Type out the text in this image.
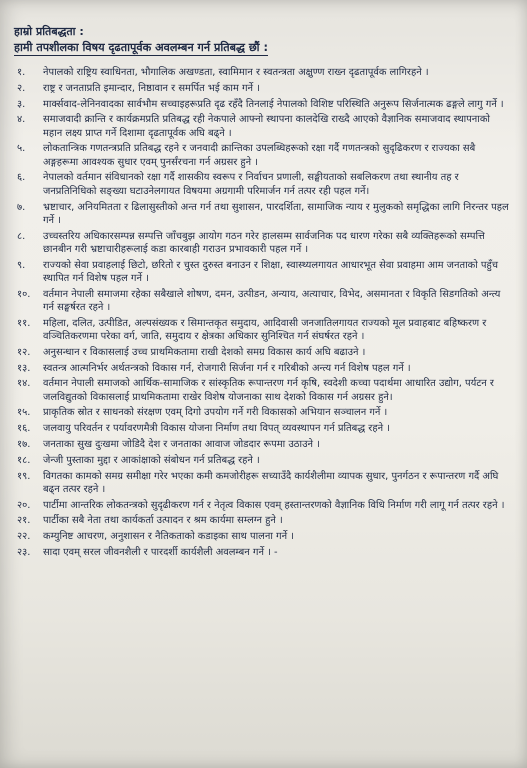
हाम्रो प्रतिबद्धता :
हामी तपशीलका विषय दृढतापूर्वक अवलम्बन गर्न प्रतिबद्ध छौं :
१.	नेपालको राष्ट्रिय स्वाधिनता, भौगालिक अखण्डता, स्वामिमान र स्वतन्त्रता अक्षुण्ण राख्न दृढतापूर्वक लागिरहने ।
२.	राष्ट्र र जनताप्रति इमान्दार, निष्ठावान र समर्पित भई काम गर्ने ।
३.	मार्क्सवाद-लेनिनवादका सार्वभौम सच्चाइहरूप्रति दृढ रहँदै तिनलाई नेपालको विशिष्ट परिस्थिति अनुरूप सिर्जनात्मक ढङ्गले लागु गर्ने ।
४.	समाजवादी क्रान्ति र कार्यक्रमप्रति प्रतिबद्ध रही नेकपाले आफ्नो स्थापना कालदेखि राख्दै आएको वैज्ञानिक समाजवाद स्थापनाको महान लक्ष्य प्राप्त गर्ने दिशामा दृढतापूर्वक अघि बढ्ने ।
५.	लोकतान्त्रिक गणतन्त्रप्रति प्रतिबद्ध रहने र जनवादी क्रान्तिका उपलब्धिहरूको रक्षा गर्दै गणतन्त्रको सुदृढिकरण र राज्यका सबै अङ्गहरूमा आवश्यक सुधार एवम् पुनर्संरचना गर्न अग्रसर हुने ।
६.	नेपालको वर्तमान संविधानको रक्षा गर्दै शासकीय स्वरूप र निर्वाचन प्रणाली, सङ्घीयताको सबलिकरण तथा स्थानीय तह र जनप्रतिनिधिको सङ्ख्या घटाउनेलगायत विषयमा अग्रगामी परिमार्जन गर्न तत्पर रही पहल गर्ने।
७.	भ्रष्टाचार, अनियमितता र ढिलासुस्तीको अन्त गर्न तथा सुशासन, पारदर्शिता, सामाजिक न्याय र मुलुकको समृद्धिका लागि निरन्तर पहल गर्ने ।
८.	उच्चस्तरिय अधिकारसम्पन्न सम्पत्ति जाँचबुझ आयोग गठन गरेर हालसम्म सार्वजनिक पद धारण गरेका सबै व्यक्तिहरूको सम्पत्ति छानबीन गरी भ्रष्टाचारीहरूलाई कडा कारबाही गराउन प्रभावकारी पहल गर्ने ।
९.	राज्यको सेवा प्रवाहलाई छिटो, छरितो र चुस्त दुरुस्त बनाउन र शिक्षा, स्वास्थ्यलगायत आधारभूत सेवा प्रवाहमा आम जनताको पहुँच स्थापित गर्न विशेष पहल गर्ने ।
१०.	वर्तमान नेपाली समाजमा रहेका सबैखाले शोषण, दमन, उत्पीडन, अन्याय, अत्याचार, विभेद, असमानता र विकृति सिडगतिको अन्त्य गर्न सङ्घर्षरत रहने ।
११.	महिला, दलित, उत्पीडित, अल्पसंख्यक र सिमान्तकृत समुदाय, आदिवासी जनजातिलगायत राज्यको मूल प्रवाहबाट बहिष्करण र वञ्चितिकरणमा परेका वर्ग, जाति, समुदाय र क्षेत्रका अधिकार सुनिश्चित गर्न संघर्षरत रहने ।
१२.	अनुसन्धान र विकासलाई उच्च प्राथमिकतामा राखी देशको समग्र विकास कार्य अघि बढाउने ।
१३.	स्वतन्त्र आत्मनिर्भर अर्थतन्त्रको विकास गर्न, रोजगारी सिर्जना गर्न र गरिबीको अन्त्य गर्न विशेष पहल गर्ने ।
१४.	वर्तमान नेपाली समाजको आर्थिक-सामाजिक र सांस्कृतिक रूपान्तरण गर्न कृषि, स्वदेशी कच्चा पदार्थमा आधारित उद्योग, पर्यटन र जलविद्युतको विकासलाई प्राथमिकतामा राखेर विशेष योजनाका साथ देशको विकास गर्न अग्रसर हुने।
१५.	प्राकृतिक स्रोत र साधनको संरक्षण एवम् दिगो उपयोग गर्ने गरी विकासको अभियान सञ्चालन गर्ने ।
१६.	जलवायु परिवर्तन र पर्यावरणमैत्री विकास योजना निर्माण तथा विपत् व्यवस्थापन गर्न प्रतिबद्ध रहने ।
१७.	जनताका सुख दुःखमा जोडिदै देश र जनताका आवाज जोडदार रूपमा उठाउने ।
१८.	जेन्जी पुस्ताका मुद्दा र आकांक्षाको संबोधन गर्न प्रतिबद्ध रहने ।
१९.	विगतका कामको समग्र समीक्षा गरेर भएका कमी कमजोरीहरू सच्याउँदै कार्यशैलीमा व्यापक सुधार, पुनर्गठन र रूपान्तरण गर्दै अघि बढ्न तत्पर रहने ।
२०.	पार्टीमा आन्तरिक लोकतन्त्रको सुदृढीकरण गर्न र नेतृत्व विकास एवम् हस्तान्तरणको वैज्ञानिक विधि निर्माण गरी लागू गर्न तत्पर रहने ।
२१.	पार्टीका सबै नेता तथा कार्यकर्ता उत्पादन र श्रम कार्यमा सम्लग्न हुने ।
२२.	कम्युनिष्ट आचरण, अनुशासन र नैतिकताको कडाइका साथ पालना गर्ने ।
२३.	सादा एवम् सरल जीवनशैली र पारदर्शी कार्यशैली अवलम्बन गर्ने । -
